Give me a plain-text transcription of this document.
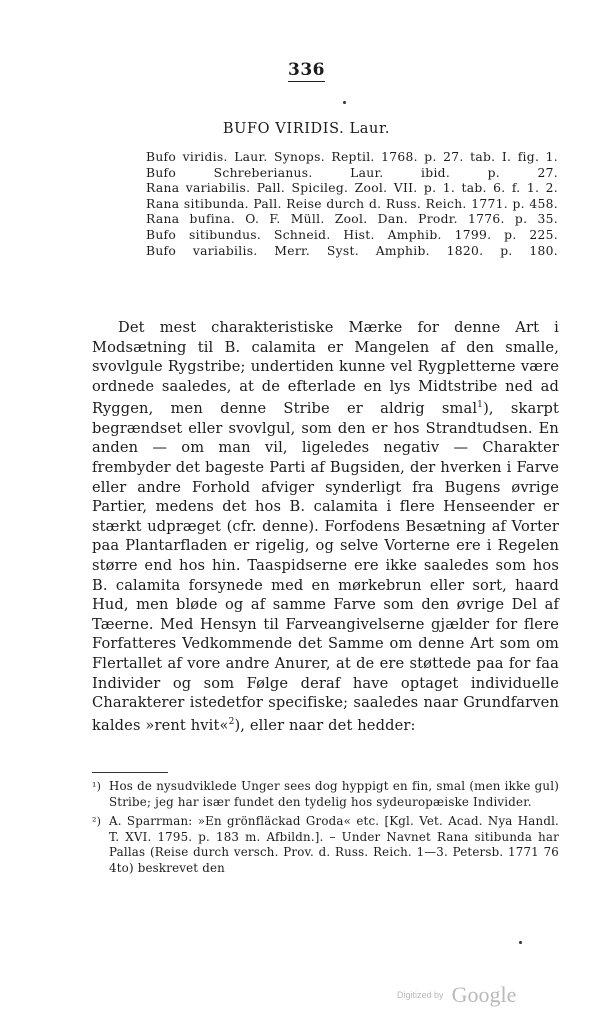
336
BUFO VIRIDIS. Laur.
Bufo viridis. Laur. Synops. Reptil. 1768. p. 27. tab. I. fig. 1.
Bufo Schreberianus. Laur. ibid. p. 27.
Rana variabilis. Pall. Spicileg. Zool. VII. p. 1. tab. 6. f. 1. 2.
Rana sitibunda. Pall. Reise durch d. Russ. Reich. 1771. p. 458.
Rana bufina. O. F. Müll. Zool. Dan. Prodr. 1776. p. 35.
Bufo sitibundus. Schneid. Hist. Amphib. 1799. p. 225.
Bufo variabilis. Merr. Syst. Amphib. 1820. p. 180.

Det mest charakteristiske Mærke for denne Art i Modsætning til B. calamita er Mangelen af den smalle, svovlgule Rygstribe; undertiden kunne vel Rygpletterne være ordnede saaledes, at de efterlade en lys Midtstribe ned ad Ryggen, men denne Stribe er aldrig smal$^1$), skarpt begrændset eller svovlgul, som den er hos Strandtudsen. En anden — om man vil, ligeledes negativ — Charakter frembyder det bageste Parti af Bugsiden, der hverken i Farve eller andre Forhold afviger synderligt fra Bugens øvrige Partier, medens det hos B. calamita i flere Henseender er stærkt udpræget (cfr. denne). Forfodens Besætning af Vorter paa Plantarfladen er rigelig, og selve Vorterne ere i Regelen større end hos hin. Taaspidserne ere ikke saaledes som hos B. calamita forsynede med en mørkebrun eller sort, haard Hud, men bløde og af samme Farve som den øvrige Del af Tæerne. Med Hensyn til Farveangivelserne gjælder for flere Forfatteres Vedkommende det Samme om denne Art som om Flertallet af vore andre Anurer, at de ere støttede paa for faa Individer og som Følge deraf have optaget individuelle Charakterer istedetfor specifiske; saaledes naar Grundfarven kaldes »rent hvit«$^2$), eller naar det hedder:

¹) Hos de nysudviklede Unger sees dog hyppigt en fin, smal (men ikke gul) Stribe; jeg har især fundet den tydelig hos sydeuropæiske Individer.
²) A. Sparrman: »En grönfläckad Groda« etc. [Kgl. Vet. Acad. Nya Handl. T. XVI. 1795. p. 183 m. Afbildn.]. – Under Navnet Rana sitibunda har Pallas (Reise durch versch. Prov. d. Russ. Reich. 1—3. Petersb. 1771 76 4to) beskrevet den
Digitized by Google
